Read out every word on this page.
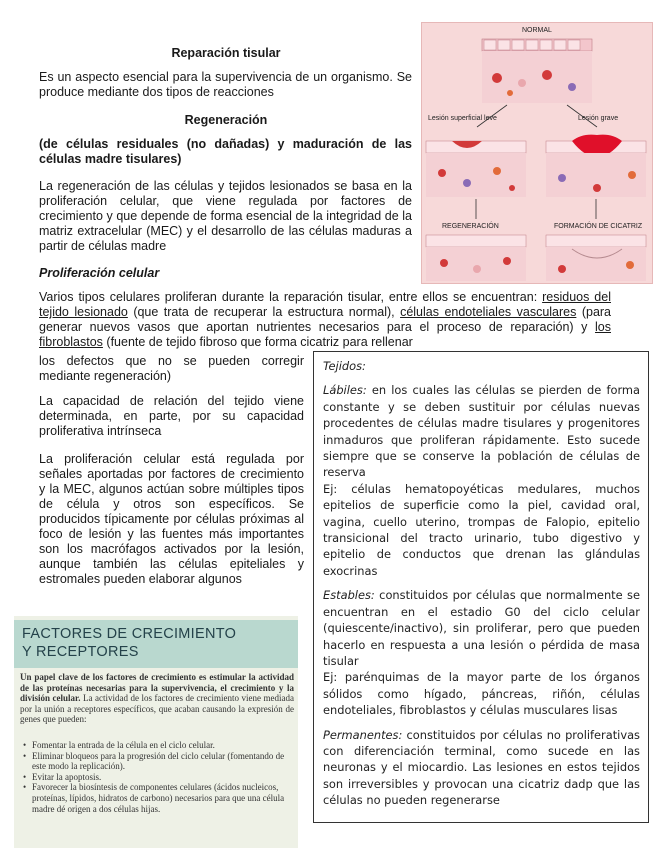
Reparación tisular
Es un aspecto esencial para la supervivencia de un organismo. Se produce mediante dos tipos de reacciones
Regeneración
(de células residuales (no dañadas) y maduración de las células madre tisulares)
La regeneración de las células y tejidos lesionados se basa en la proliferación celular, que viene regulada por factores de crecimiento y que depende de forma esencial de la integridad de la matriz extracelular (MEC) y el desarrollo de las células maduras a partir de células madre
Proliferación celular
Varios tipos celulares proliferan durante la reparación tisular, entre ellos se encuentran: residuos del tejido lesionado (que trata de recuperar la estructura normal), células endoteliales vasculares (para generar nuevos vasos que aportan nutrientes necesarios para el proceso de reparación) y los fibroblastos (fuente de tejido fibroso que forma cicatriz para rellenar
los defectos que no se pueden corregir mediante regeneración)
La capacidad de relación del tejido viene determinada, en parte, por su capacidad proliferativa intrínseca
La proliferación celular está regulada por señales aportadas por factores de crecimiento y la MEC, algunos actúan sobre múltiples tipos de célula y otros son específicos. Se producidos típicamente por células próximas al foco de lesión y las fuentes más importantes son los macrófagos activados por la lesión, aunque también las células epiteliales y estromales pueden elaborar algunos
NORMAL
Lesión superficial leve	Lesión grave
REGENERACIÓN	FORMACIÓN DE CICATRIZ

Tejidos:

Lábiles: en los cuales las células se pierden de forma constante y se deben sustituir por células nuevas procedentes de células madre tisulares y progenitores inmaduros que proliferan rápidamente. Esto sucede siempre que se conserve la población de células de reserva

Ej: células hematopoyéticas medulares, muchos epitelios de superficie como la piel, cavidad oral, vagina, cuello uterino, trompas de Falopio, epitelio transicional del tracto urinario, tubo digestivo y epitelio de conductos que drenan las glándulas exocrinas

Estables: constituidos por células que normalmente se encuentran en el estadio G0 del ciclo celular (quiescente/inactivo), sin proliferar, pero que pueden hacerlo en respuesta a una lesión o pérdida de masa tisular

Ej: parénquimas de la mayor parte de los órganos sólidos como hígado, páncreas, riñón, células endoteliales, fibroblastos y células musculares lisas

Permanentes: constituidos por células no proliferativas con diferenciación terminal, como sucede en las neuronas y el miocardio. Las lesiones en estos tejidos son irreversibles y provocan una cicatriz dadp que las células no pueden regenerarse

FACTORES DE CRECIMIENTO
Y RECEPTORES
Un papel clave de los factores de crecimiento es estimular la actividad de las proteínas necesarias para la supervivencia, el crecimiento y la división celular. La actividad de los factores de crecimiento viene mediada por la unión a receptores específicos, que acaban causando la expresión de genes que pueden:
• Fomentar la entrada de la célula en el ciclo celular.
• Eliminar bloqueos para la progresión del ciclo celular (fomentando de este modo la replicación).
• Evitar la apoptosis.
• Favorecer la biosíntesis de componentes celulares (ácidos nucleicos, proteínas, lípidos, hidratos de carbono) necesarios para que una célula madre dé origen a dos células hijas.
